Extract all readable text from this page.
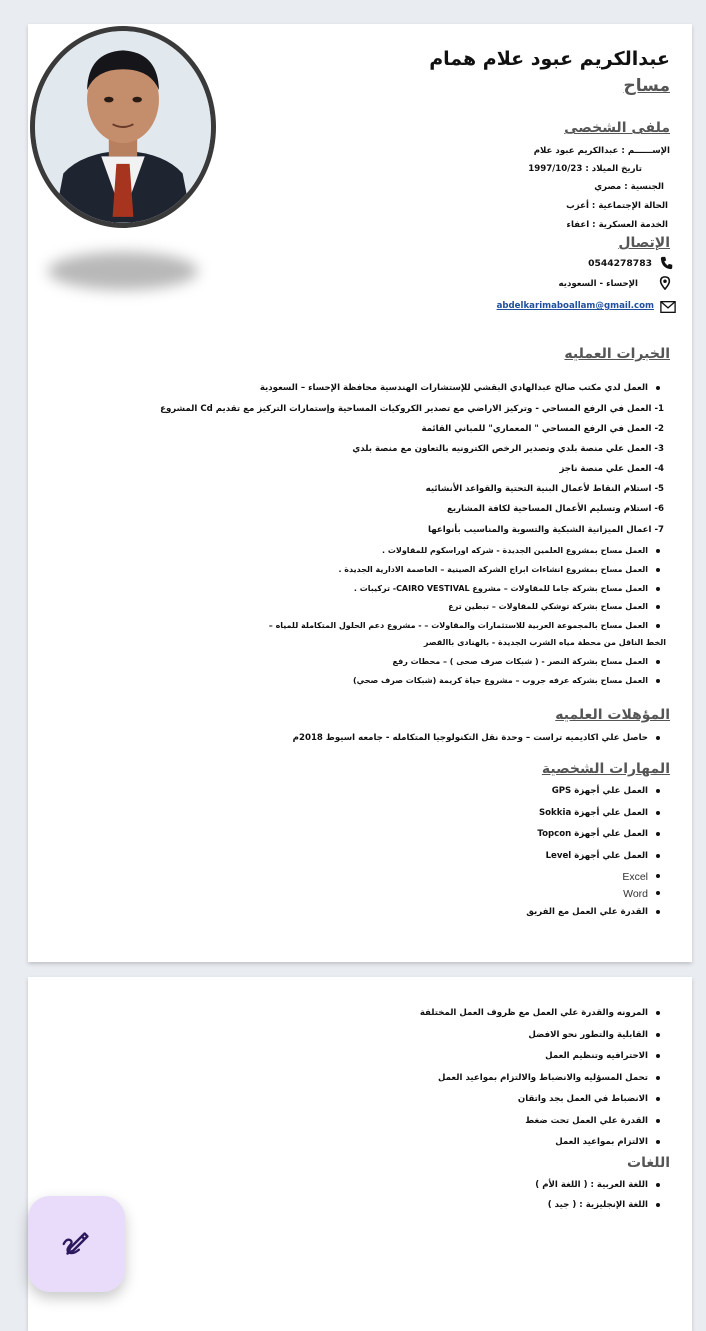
عبدالكريم عبود علام همام
مساح
ملفى الشخصى
الإســــــم : عبدالكريم عبود علام
تاريخ الميلاد : 1997/10/23
الجنسية : مصري
الحالة الإجتماعية : أعزب
الخدمة العسكرية : اعفاء
الإتصال
0544278783
الإحساء - السعوديه
abdelkarimaboallam@gmail.com
الخبرات العمليه
العمل لدي مكتب صالح عبدالهادي البقشي للإستشارات الهندسية محافظة الإحساء – السعودية
1- العمل في الرفع المساحي - وتركيز الاراضي مع تصدير الكروكيات المساحية وإستمارات التركيز مع تقديم Cd المشروع
2- العمل في الرفع المساحي " المعماري" للمباني القائمة
3- العمل علي منصة بلدي وتصدير الرخص الكترونيه بالتعاون مع منصة بلدي
4- العمل علي منصة ناجز
5- استلام النقاط لأعمال البنية التحتية والقواعد الأنشائيه
6- استلام وتسليم الأعمال المساحية لكافة المشاريع
7- اعمال الميزانية الشبكية والتسوية والمناسيب بأنواعها
العمل مساح بمشروع العلمين الجديدة - شركه اوراسكوم للمقاولات .
العمل مساح بمشروع انشاءات ابراج الشركة الصينية – العاصمة الادارية الجديدة .
العمل مساح بشركة جاما للمقاولات – مشروع CAIRO VESTIVAL- تركيبات .
العمل مساح بشركة توشكي للمقاولات – تبطين ترع
العمل مساح بالمجموعة العربية للاستثمارات والمقاولات – - مشروع دعم الحلول المتكاملة للمياه –
الخط الناقل من محطة مياه الشرب الجديدة - بالهنادى باالقصر
العمل مساح بشركة النصر - ( شبكات صرف صحى ) – محطات رفع
العمل مساح بشركه عرفه جروب – مشروع حياة كريمة (شبكات صرف صحي)
المؤهلات العلميه
حاصل علي اكاديميه تراست – وحدة نقل التكنولوجيا المتكامله - جامعه اسيوط 2018م
المهارات الشخصية
العمل علي أجهزة GPS
العمل علي أجهزة Sokkia
العمل علي أجهزة Topcon
العمل علي أجهزة Level
Excel
Word
القدرة علي العمل مع الفريق
المرونه والقدرة علي العمل مع ظروف العمل المختلفة
القابلية والتطور نحو الافضل
الاحترافيه وتنظيم العمل
تحمل المسؤليه والانضباط والالتزام بمواعيد العمل
الانضباط في العمل بجد واتقان
القدرة علي العمل تحت ضغط
الالتزام بمواعيد العمل
اللغات
اللغة العربية : ( اللغة الأم )
اللغة الإنجليزية : ( جيد )
